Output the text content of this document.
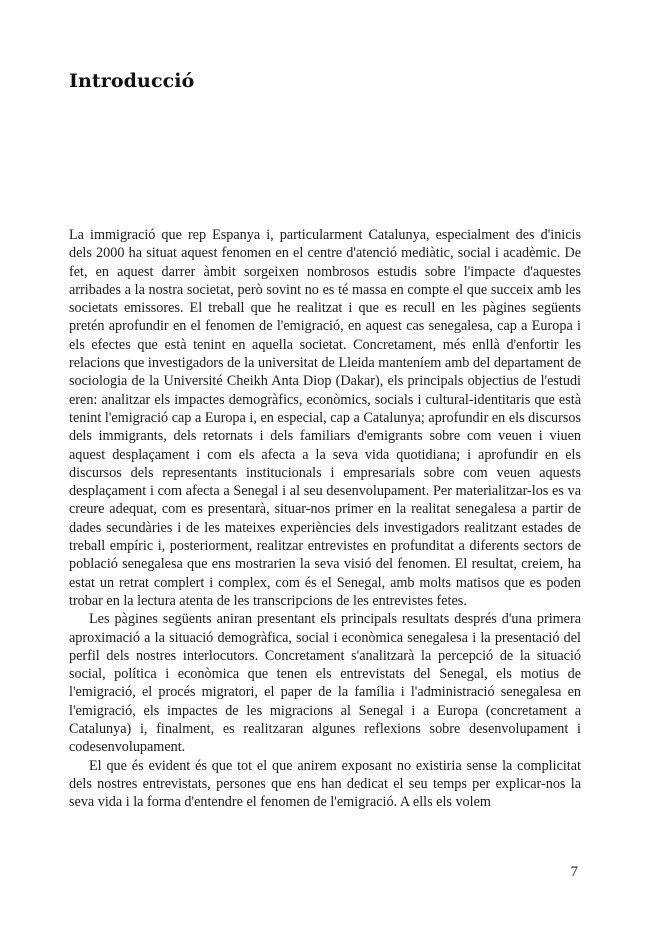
Introducció

La immigració que rep Espanya i, particularment Catalunya, especialment des d'inicis dels 2000 ha situat aquest fenomen en el centre d'atenció mediàtic, social i acadèmic. De fet, en aquest darrer àmbit sorgeixen nombrosos estudis sobre l'impacte d'aquestes arribades a la nostra societat, però sovint no es té massa en compte el que succeix amb les societats emissores. El treball que he realitzat i que es recull en les pàgines següents pretén aprofundir en el fenomen de l'emigració, en aquest cas senegalesa, cap a Europa i els efectes que està tenint en aquella societat. Concretament, més enllà d'enfortir les relacions que investigadors de la universitat de Lleida manteníem amb del departament de sociologia de la Université Cheikh Anta Diop (Dakar), els principals objectius de l'estudi eren: analitzar els impactes demogràfics, econòmics, socials i cultural-identitaris que està tenint l'emigració cap a Europa i, en especial, cap a Catalunya; aprofundir en els discursos dels immigrants, dels retornats i dels familiars d'emigrants sobre com veuen i viuen aquest desplaçament i com els afecta a la seva vida quotidiana; i aprofundir en els discursos dels representants institucionals i empresarials sobre com veuen aquests desplaçament i com afecta a Senegal i al seu desenvolupament. Per materialitzar-los es va creure adequat, com es presentarà, situar-nos primer en la realitat senegalesa a partir de dades secundàries i de les mateixes experiències dels investigadors realitzant estades de treball empíric i, posteriorment, realitzar entrevistes en profunditat a diferents sectors de població senegalesa que ens mostrarien la seva visió del fenomen. El resultat, creiem, ha estat un retrat complert i complex, com és el Senegal, amb molts matisos que es poden trobar en la lectura atenta de les transcripcions de les entrevistes fetes.

Les pàgines següents aniran presentant els principals resultats després d'una primera aproximació a la situació demogràfica, social i econòmica senegalesa i la presentació del perfil dels nostres interlocutors. Concretament s'analitzarà la percepció de la situació social, política i econòmica que tenen els entrevistats del Senegal, els motius de l'emigració, el procés migratori, el paper de la família i l'administració senegalesa en l'emigració, els impactes de les migracions al Senegal i a Europa (concretament a Catalunya) i, finalment, es realitzaran algunes reflexions sobre desenvolupament i codesenvolupament.

El que és evident és que tot el que anirem exposant no existiria sense la complicitat dels nostres entrevistats, persones que ens han dedicat el seu temps per explicar-nos la seva vida i la forma d'entendre el fenomen de l'emigració. A ells els volem

7
